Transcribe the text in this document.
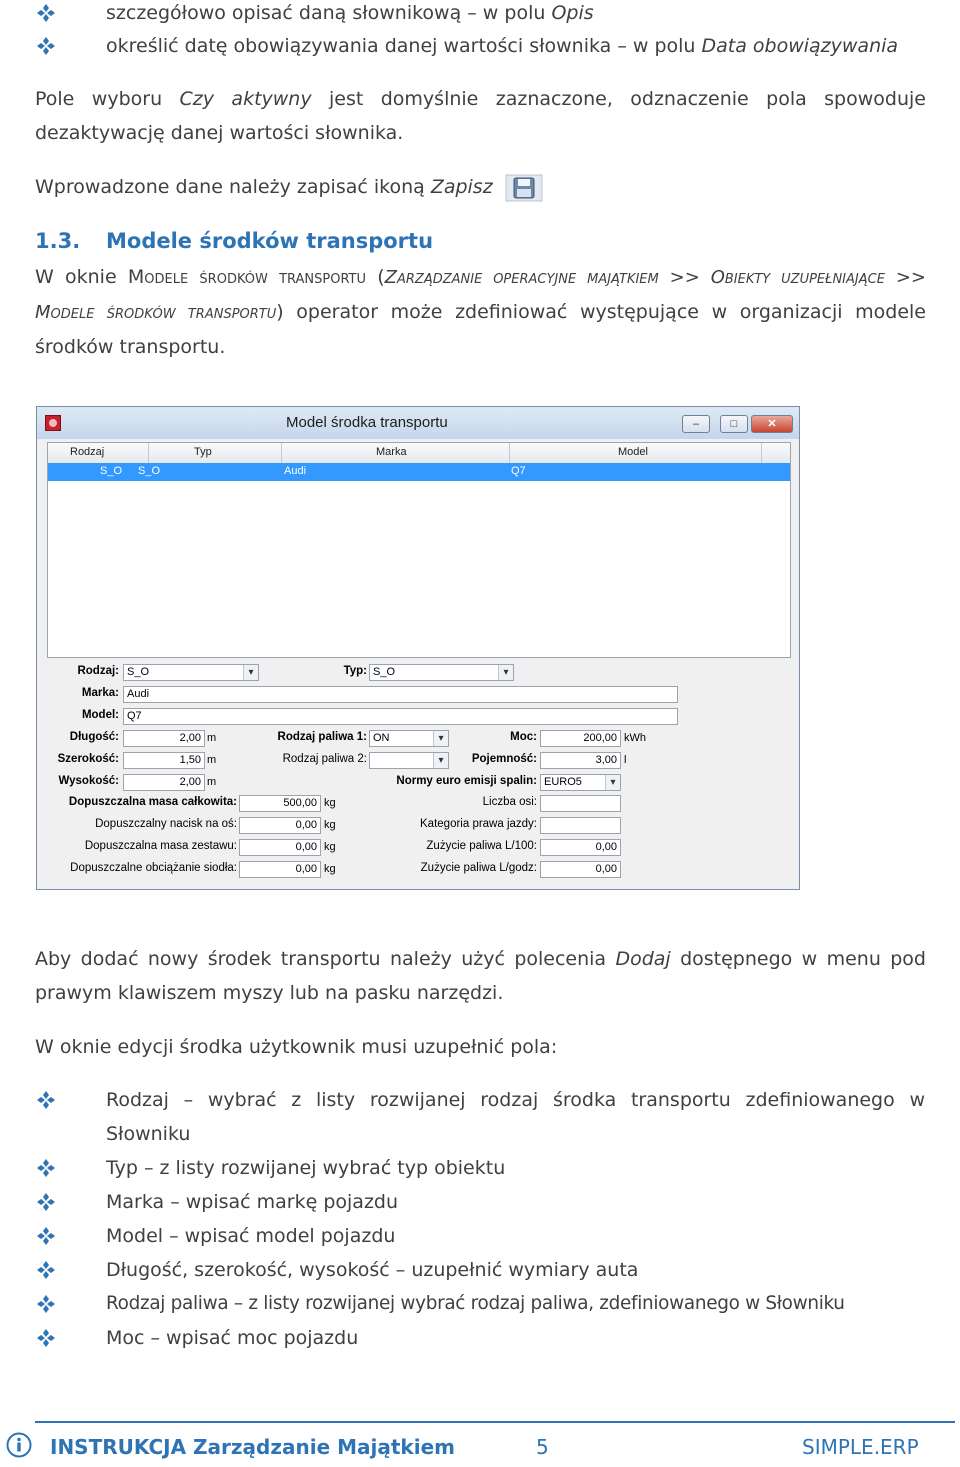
szczegółowo opisać daną słownikową – w polu Opis
określić datę obowiązywania danej wartości słownika – w polu Data obowiązywania
Pole wyboru Czy aktywny jest domyślnie zaznaczone, odznaczenie pola spowoduje dezaktywację danej wartości słownika.
Wprowadzone dane należy zapisać ikoną Zapisz
1.3. Modele środków transportu
W oknie Modele środków transportu (Zarządzanie operacyjne majątkiem >> Obiekty uzupełniające >> Modele środków transportu) operator może zdefiniować występujące w organizacji modele środków transportu.
Model środka transportu	–	□	✕
Rodzaj	Typ	Marka	Model
S_O S_O	Audi	Q7
Rodzaj: S_O ▾	Typ: S_O ▾
Marka: Audi
Model: Q7
Długość:	2,00 m	Rodzaj paliwa 1: ON ▾	Moc:	200,00 kWh
Szerokość:	1,50 m	Rodzaj paliwa 2:
▾	Pojemność:	3,00 l
Wysokość:	2,00 m	Normy euro emisji spalin: EURO5 ▾
Dopuszczalna masa całkowita:	500,00 kg	Liczba osi:
Dopuszczalny nacisk na oś:	0,00 kg	Kategoria prawa jazdy:
Dopuszczalna masa zestawu:	0,00 kg	Zużycie paliwa L/100:	0,00
Dopuszczalne obciążanie siodła:	0,00 kg	Zużycie paliwa L/godz:	0,00
Aby dodać nowy środek transportu należy użyć polecenia Dodaj dostępnego w menu pod prawym klawiszem myszy lub na pasku narzędzi.
W oknie edycji środka użytkownik musi uzupełnić pola:
Rodzaj – wybrać z listy rozwijanej rodzaj środka transportu zdefiniowanego w Słowniku
Typ – z listy rozwijanej wybrać typ obiektu
Marka – wpisać markę pojazdu
Model – wpisać model pojazdu
Długość, szerokość, wysokość – uzupełnić wymiary auta
Rodzaj paliwa – z listy rozwijanej wybrać rodzaj paliwa, zdefiniowanego w Słowniku
Moc – wpisać moc pojazdu
INSTRUKCJA Zarządzanie Majątkiem	5	SIMPLE.ERP
